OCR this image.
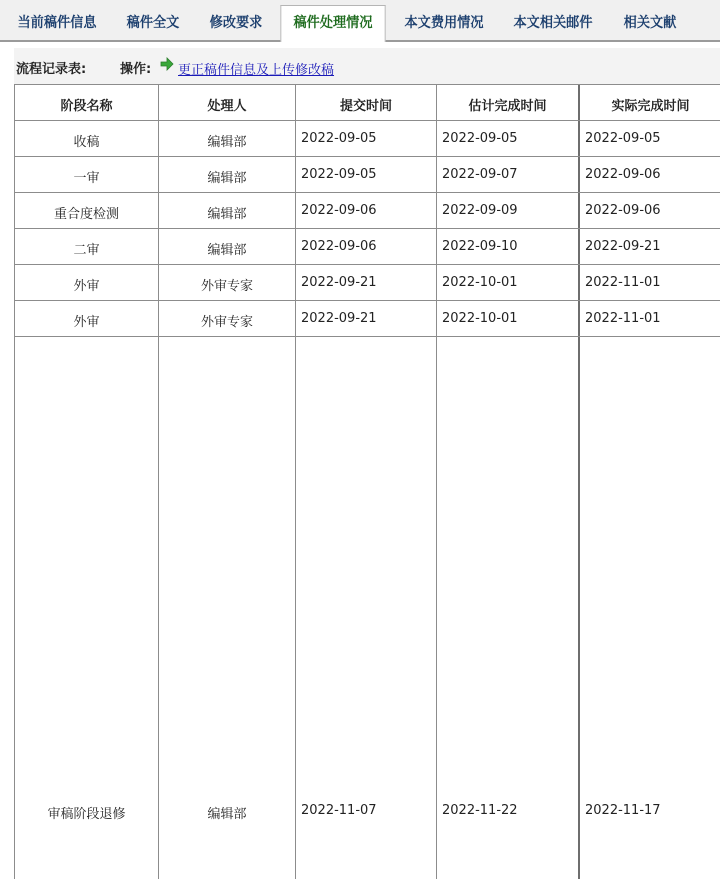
当前稿件信息	稿件全文	修改要求	稿件处理情况	本文费用情况	本文相关邮件	相关文献
流程记录表:	操作: 更正稿件信息及上传修改稿
阶段名称	处理人	提交时间	估计完成时间	实际完成时间
收稿	编辑部	2022-09-05	2022-09-05	2022-09-05
一审	编辑部	2022-09-05	2022-09-07	2022-09-06
重合度检测	编辑部	2022-09-06	2022-09-09	2022-09-06
二审	编辑部	2022-09-06	2022-09-10	2022-09-21
外审	外审专家	2022-09-21	2022-10-01	2022-11-01
外审	外审专家	2022-09-21	2022-10-01	2022-11-01
审稿阶段退修	编辑部	2022-11-07	2022-11-22	2022-11-17
